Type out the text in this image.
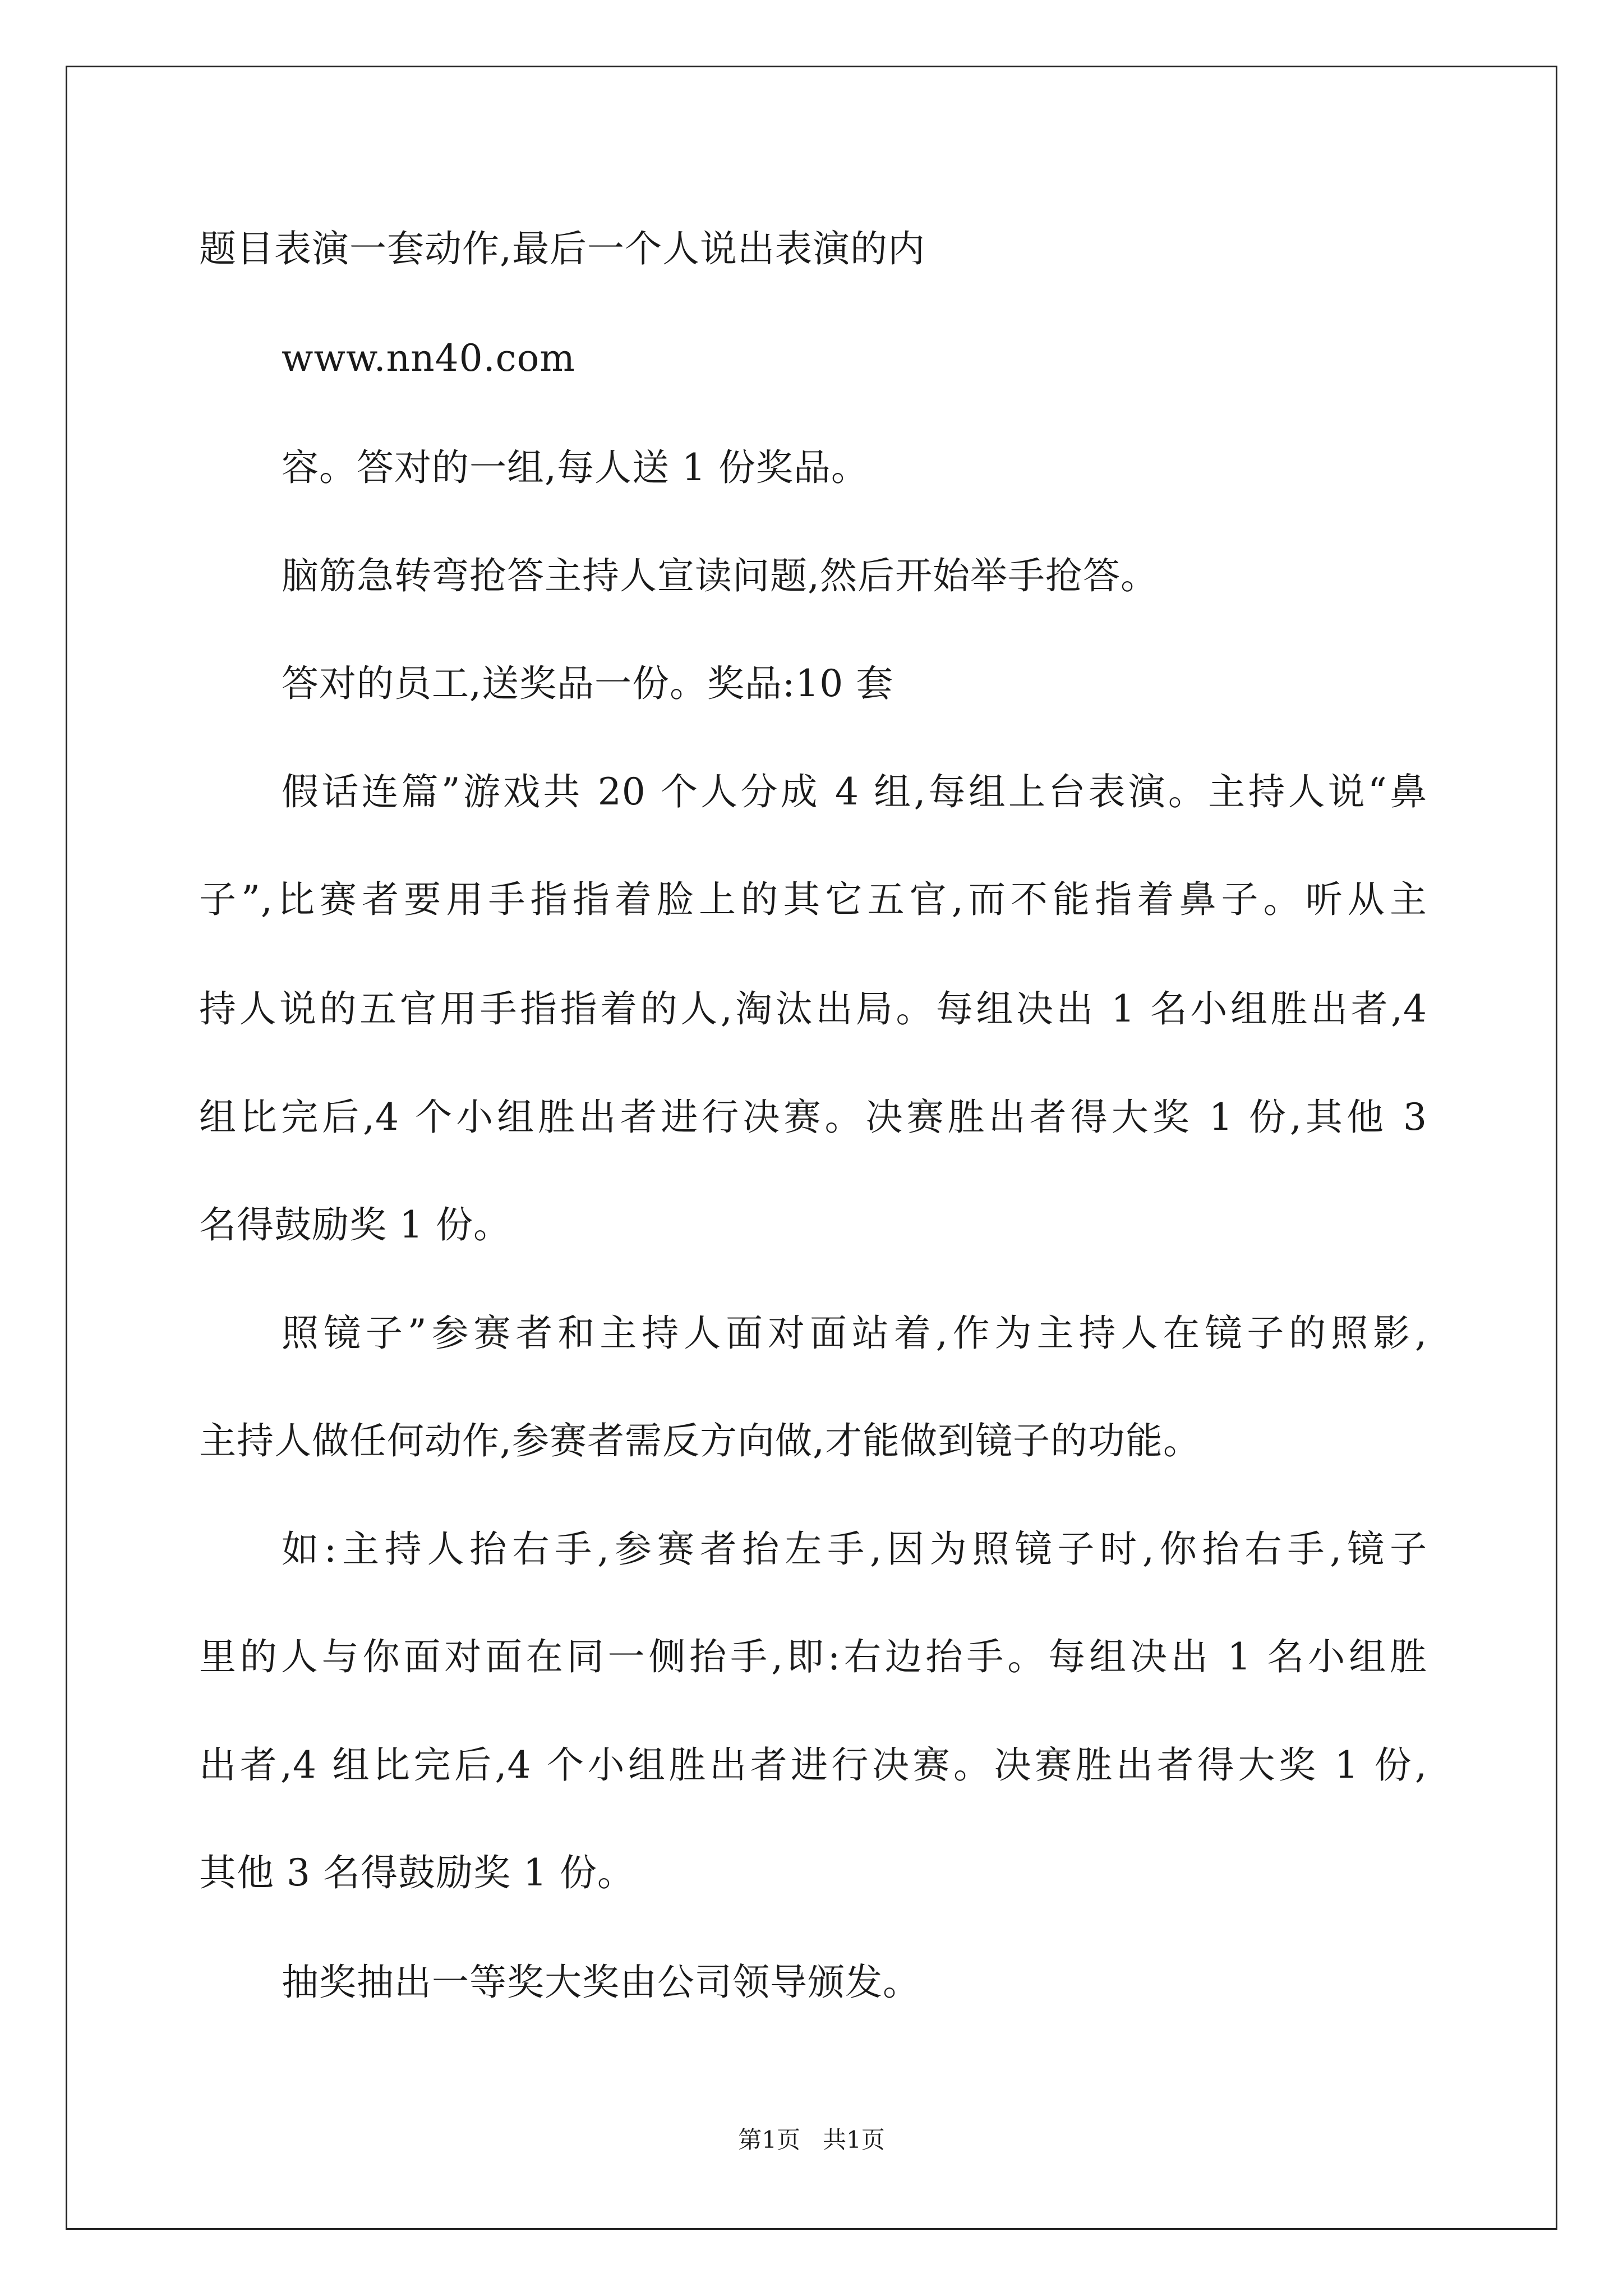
题目表演一套动作,最后一个人说出表演的内
www.nn40.com
容。答对的一组,每人送 1 份奖品。
脑筋急转弯抢答主持人宣读问题,然后开始举手抢答。
答对的员工,送奖品一份。奖品:10 套
假话连篇”游戏共 20 个人分成 4 组,每组上台表演。主持人说“鼻
子”,比赛者要用手指指着脸上的其它五官,而不能指着鼻子。听从主
持人说的五官用手指指着的人,淘汰出局。每组决出 1 名小组胜出者,4
组比完后,4 个小组胜出者进行决赛。决赛胜出者得大奖 1 份,其他 3
名得鼓励奖 1 份。
照镜子”参赛者和主持人面对面站着,作为主持人在镜子的照影,
主持人做任何动作,参赛者需反方向做,才能做到镜子的功能。
如:主持人抬右手,参赛者抬左手,因为照镜子时,你抬右手,镜子
里的人与你面对面在同一侧抬手,即:右边抬手。每组决出 1 名小组胜
出者,4 组比完后,4 个小组胜出者进行决赛。决赛胜出者得大奖 1 份,
其他 3 名得鼓励奖 1 份。
抽奖抽出一等奖大奖由公司领导颁发。
第1页   共1页
